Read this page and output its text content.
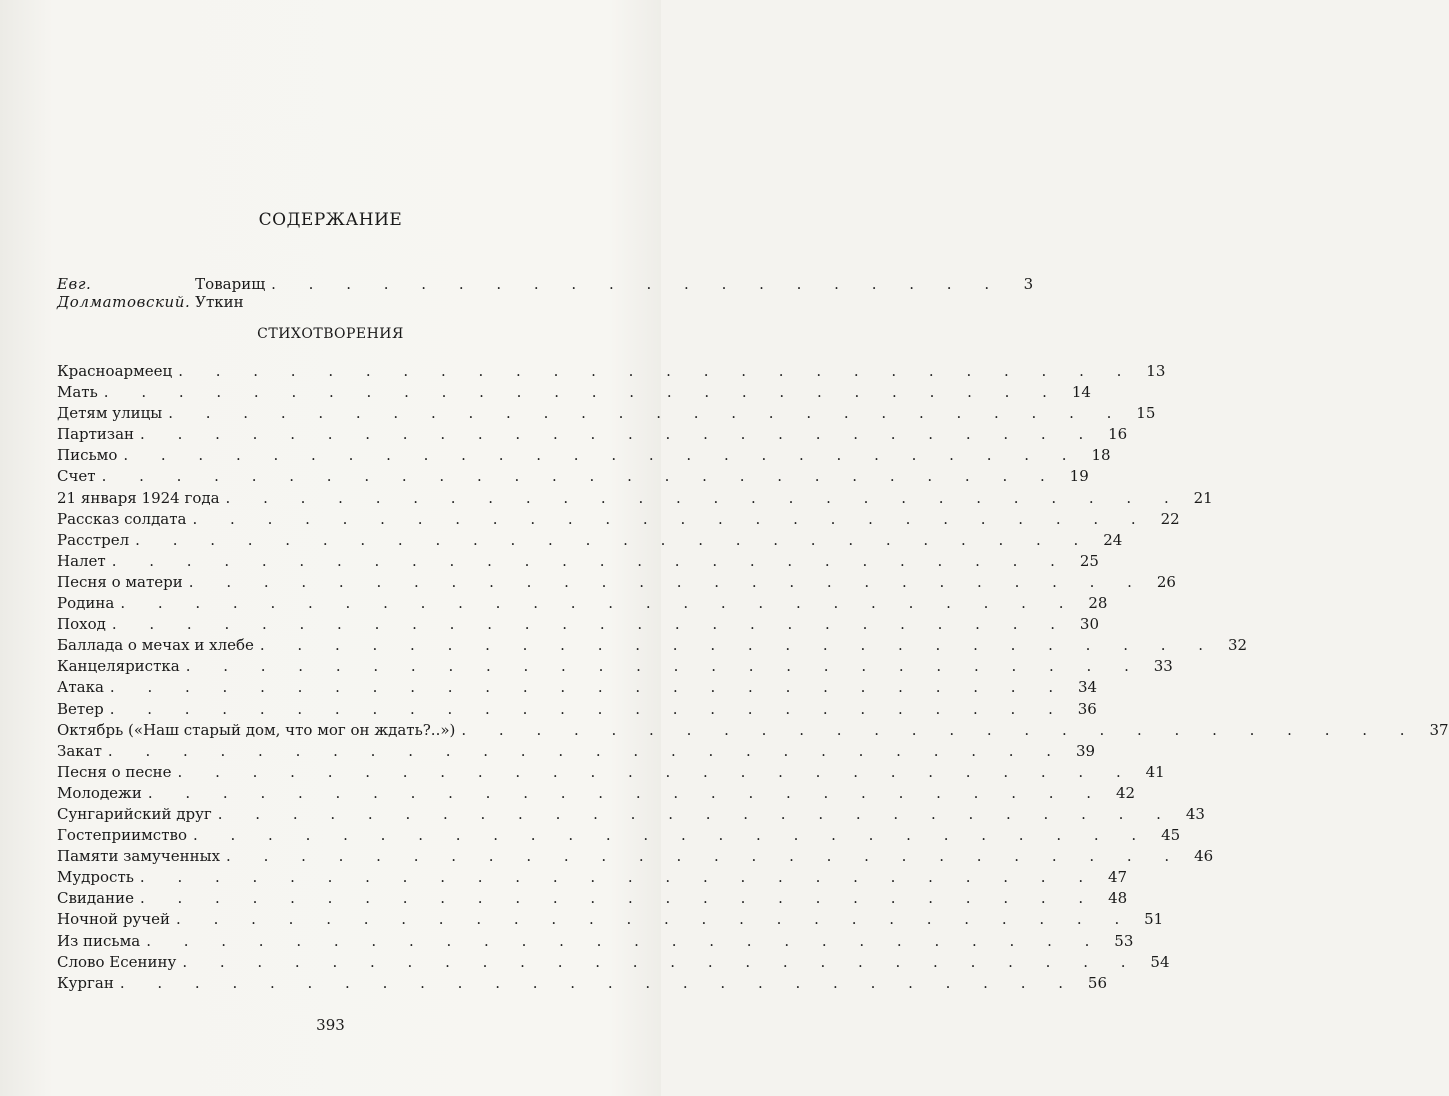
СОДЕРЖАНИЕ
Евг. Долматовский.

Товарищ Уткин
. . . . . . . . . . . . . . . . . . . .	3
СТИХОТВОРЕНИЯ
Красноармеец . . . . . . . . . . . . . . . . . . . . . . . . . . 13
Мать . . . . . . . . . . . . . . . . . . . . . . . . . . 14
Детям улицы . . . . . . . . . . . . . . . . . . . . . . . . . . 15
Партизан . . . . . . . . . . . . . . . . . . . . . . . . . . 16
Письмо . . . . . . . . . . . . . . . . . . . . . . . . . . 18
Счет . . . . . . . . . . . . . . . . . . . . . . . . . . 19
21 января 1924 года . . . . . . . . . . . . . . . . . . . . . . . . . . 21
Рассказ солдата . . . . . . . . . . . . . . . . . . . . . . . . . . 22
Расстрел . . . . . . . . . . . . . . . . . . . . . . . . . . 24
Налет . . . . . . . . . . . . . . . . . . . . . . . . . . 25
Песня о матери . . . . . . . . . . . . . . . . . . . . . . . . . . 26
Родина . . . . . . . . . . . . . . . . . . . . . . . . . . 28
Поход . . . . . . . . . . . . . . . . . . . . . . . . . . 30
Баллада о мечах и хлебе . . . . . . . . . . . . . . . . . . . . . . . . . . 32
Канцеляристка . . . . . . . . . . . . . . . . . . . . . . . . . . 33
Атака . . . . . . . . . . . . . . . . . . . . . . . . . . 34
Ветер . . . . . . . . . . . . . . . . . . . . . . . . . . 36
Октябрь («Наш старый дом, что мог он ждать?..») . . . . . . . . . . . . . . . . . . . . . . . . . . 37
Закат . . . . . . . . . . . . . . . . . . . . . . . . . . 39
Песня о песне . . . . . . . . . . . . . . . . . . . . . . . . . . 41
Молодежи . . . . . . . . . . . . . . . . . . . . . . . . . . 42
Сунгарийский друг . . . . . . . . . . . . . . . . . . . . . . . . . . 43
Гостеприимство . . . . . . . . . . . . . . . . . . . . . . . . . . 45
Памяти замученных . . . . . . . . . . . . . . . . . . . . . . . . . . 46
Мудрость . . . . . . . . . . . . . . . . . . . . . . . . . . 47
Свидание . . . . . . . . . . . . . . . . . . . . . . . . . . 48
Ночной ручей . . . . . . . . . . . . . . . . . . . . . . . . . . 51
Из письма . . . . . . . . . . . . . . . . . . . . . . . . . . 53
Слово Есенину . . . . . . . . . . . . . . . . . . . . . . . . . . 54
Курган . . . . . . . . . . . . . . . . . . . . . . . . . . 56
393
